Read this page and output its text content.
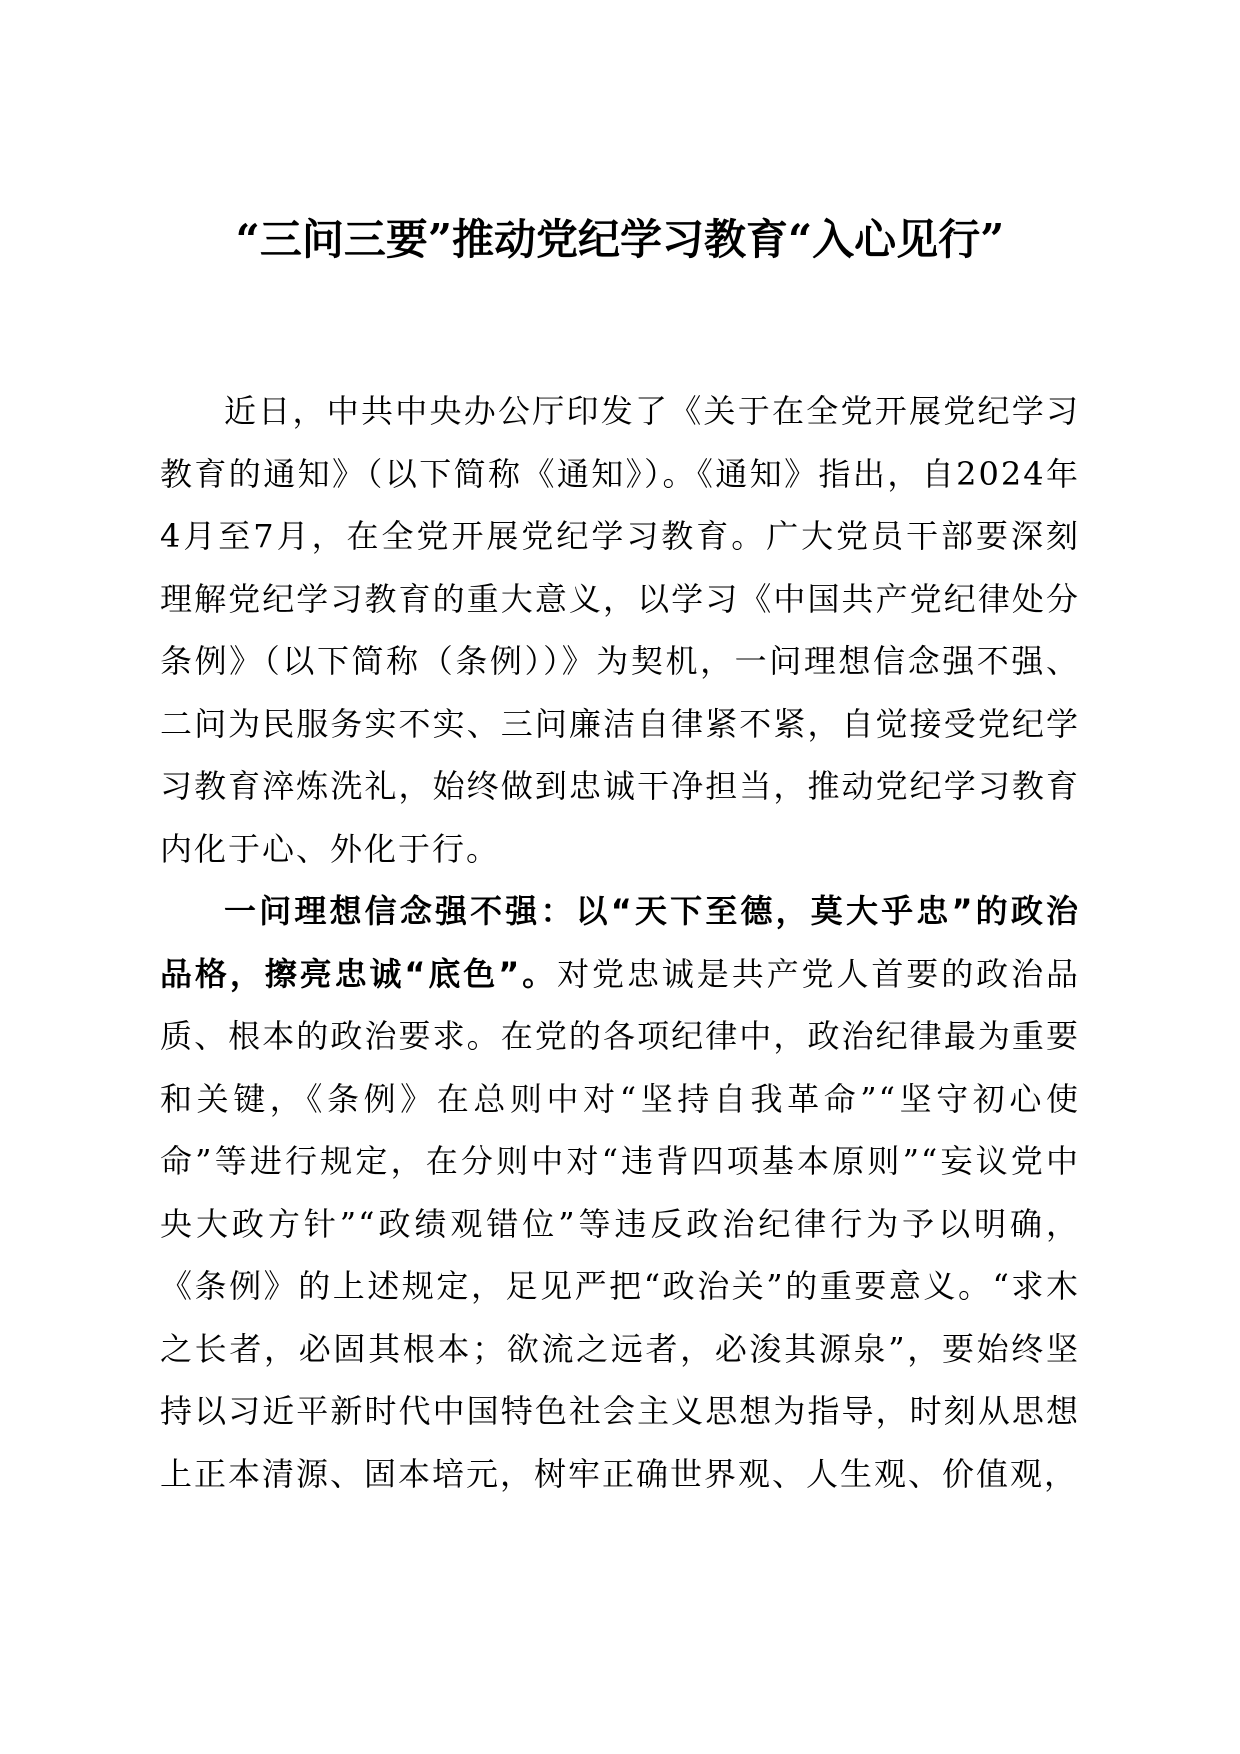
“三问三要”推动党纪学习教育“入心见行”

近日，中共中央办公厅印发了《关于在全党开展党纪学习教育的通知》（以下简称《通知》）。《通知》指出，自2024年4月至7月，在全党开展党纪学习教育。广大党员干部要深刻理解党纪学习教育的重大意义，以学习《中国共产党纪律处分条例》（以下简称（条例））》为契机，一问理想信念强不强、二问为民服务实不实、三问廉洁自律紧不紧，自觉接受党纪学习教育淬炼洗礼，始终做到忠诚干净担当，推动党纪学习教育内化于心、外化于行。

一问理想信念强不强：以“天下至德，莫大乎忠”的政治品格，擦亮忠诚“底色”。对党忠诚是共产党人首要的政治品质、根本的政治要求。在党的各项纪律中，政治纪律最为重要和关键，《条例》在总则中对“坚持自我革命”“坚守初心使命”等进行规定，在分则中对“违背四项基本原则”“妄议党中央大政方针”“政绩观错位”等违反政治纪律行为予以明确，《条例》的上述规定，足见严把“政治关”的重要意义。“求木之长者，必固其根本；欲流之远者，必浚其源泉”，要始终坚持以习近平新时代中国特色社会主义思想为指导，时刻从思想上正本清源、固本培元，树牢正确世界观、人生观、价值观，
